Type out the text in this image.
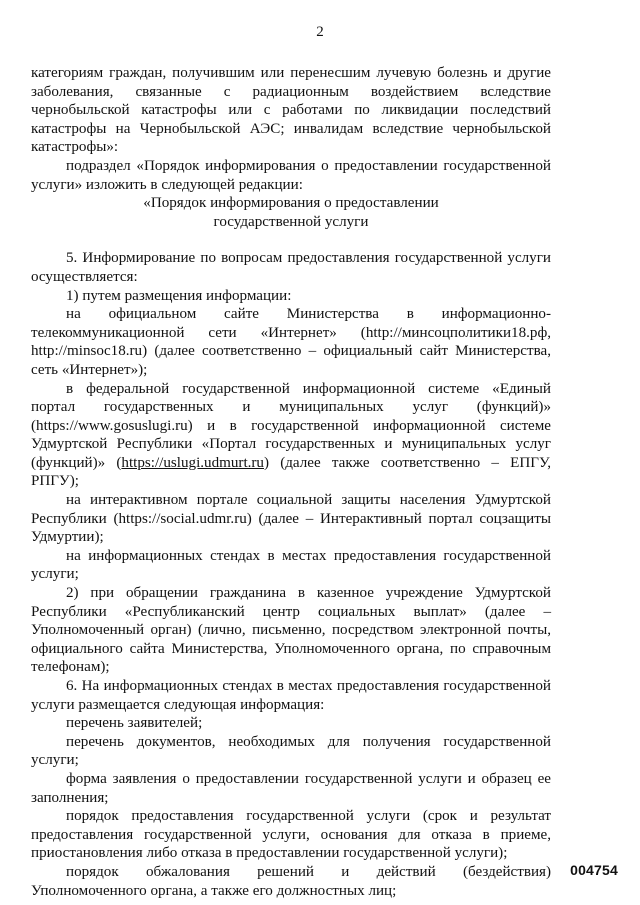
2

категориям граждан, получившим или перенесшим лучевую болезнь и другие заболевания, связанные с радиационным воздействием вследствие чернобыльской катастрофы или с работами по ликвидации последствий катастрофы на Чернобыльской АЭС; инвалидам вследствие чернобыльской катастрофы»:

подраздел «Порядок информирования о предоставлении государственной услуги» изложить в следующей редакции:

«Порядок информирования о предоставлении

государственной услуги

5. Информирование по вопросам предоставления государственной услуги осуществляется:

1) путем размещения информации:

на официальном сайте Министерства в информационно-телекоммуникационной сети «Интернет» (http://минсоцполитики18.рф, http://minsoc18.ru) (далее соответственно – официальный сайт Министерства, сеть «Интернет»);

в федеральной государственной информационной системе «Единый портал государственных и муниципальных услуг (функций)» (https://www.gosuslugi.ru) и в государственной информационной системе Удмуртской Республики «Портал государственных и муниципальных услуг (функций)» (https://uslugi.udmurt.ru) (далее также соответственно – ЕПГУ, РПГУ);

на интерактивном портале социальной защиты населения Удмуртской Республики (https://social.udmr.ru) (далее – Интерактивный портал соцзащиты Удмуртии);

на информационных стендах в местах предоставления государственной услуги;

2) при обращении гражданина в казенное учреждение Удмуртской Республики «Республиканский центр социальных выплат» (далее – Уполномоченный орган) (лично, письменно, посредством электронной почты, официального сайта Министерства, Уполномоченного органа, по справочным телефонам);

6. На информационных стендах в местах предоставления государственной услуги размещается следующая информация:

перечень заявителей;

перечень документов, необходимых для получения государственной услуги;

форма заявления о предоставлении государственной услуги и образец ее заполнения;

порядок предоставления государственной услуги (срок и результат предоставления государственной услуги, основания для отказа в приеме, приостановления либо отказа в предоставлении государственной услуги);

порядок обжалования решений и действий (бездействия) Уполномоченного органа, а также его должностных лиц;

004754
